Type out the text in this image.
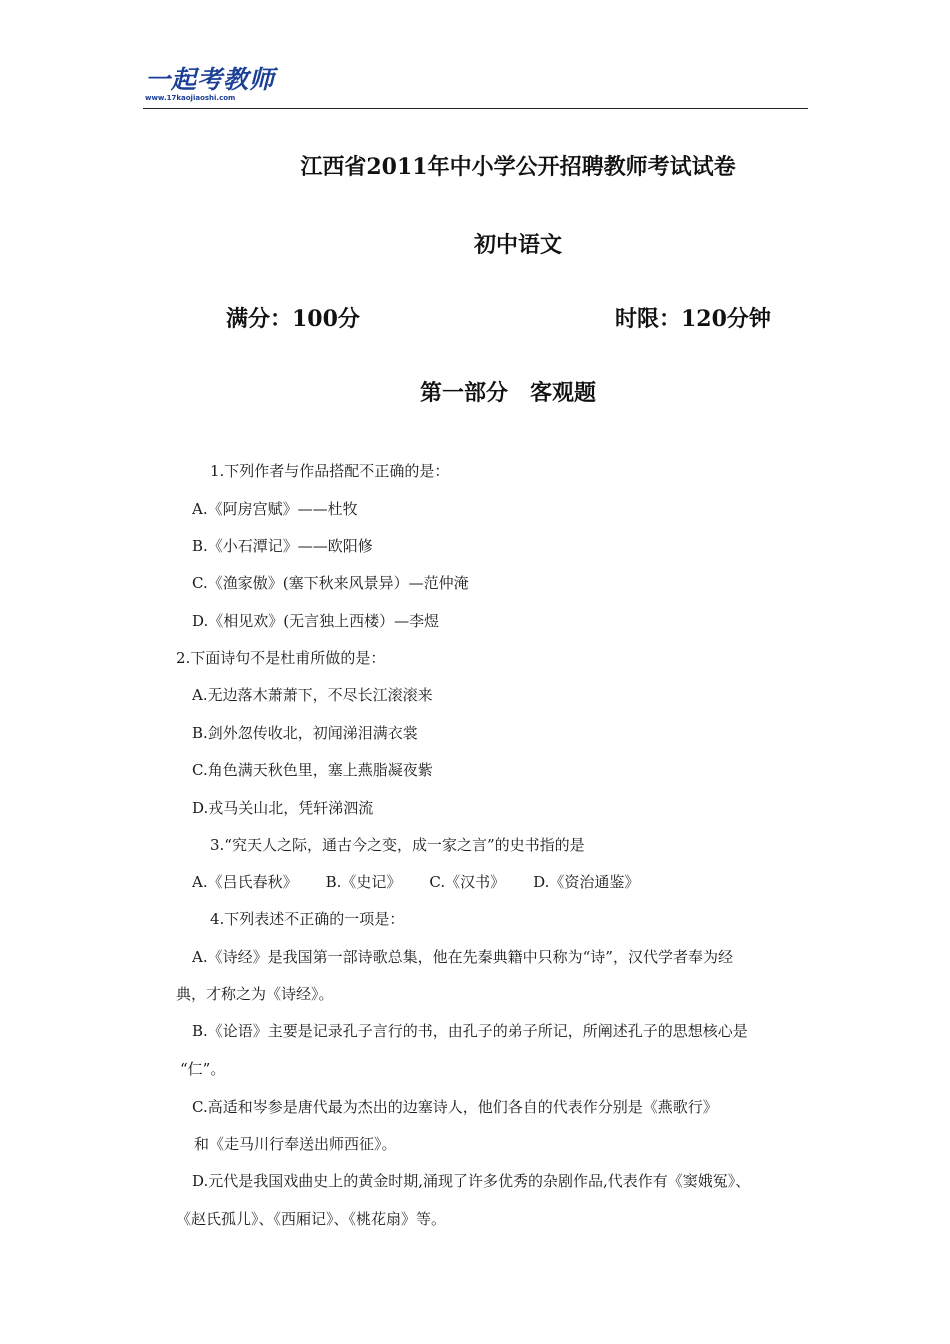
一起考教师
www.17kaojiaoshi.com
江西省2011年中小学公开招聘教师考试试卷
初中语文
满分：100分	时限：120分钟
第一部分　客观题
1.下列作者与作品搭配不正确的是：
A.《阿房宫赋》——杜牧
B.《小石潭记》——欧阳修
C.《渔家傲》(塞下秋来风景异）—范仲淹
D.《相见欢》(无言独上西楼）—李煜
2.下面诗句不是杜甫所做的是：
A.无边落木萧萧下，不尽长江滚滚来
B.剑外忽传收北，初闻涕泪满衣裳
C.角色满天秋色里，塞上燕脂凝夜紫
D.戎马关山北，凭轩涕泗流
3.“究天人之际，通古今之变，成一家之言”的史书指的是
A.《吕氏春秋》 B.《史记》 C.《汉书》 D.《资治通鉴》
4.下列表述不正确的一项是：
A.《诗经》是我国第一部诗歌总集，他在先秦典籍中只称为“诗”，汉代学者奉为经
典，才称之为《诗经》。
B.《论语》主要是记录孔子言行的书，由孔子的弟子所记，所阐述孔子的思想核心是
“仁”。
C.高适和岑参是唐代最为杰出的边塞诗人，他们各自的代表作分别是《燕歌行》
和《走马川行奉送出师西征》。
D.元代是我国戏曲史上的黄金时期,涌现了许多优秀的杂剧作品,代表作有《窦娥冤》、
《赵氏孤儿》、《西厢记》、《桃花扇》等。
